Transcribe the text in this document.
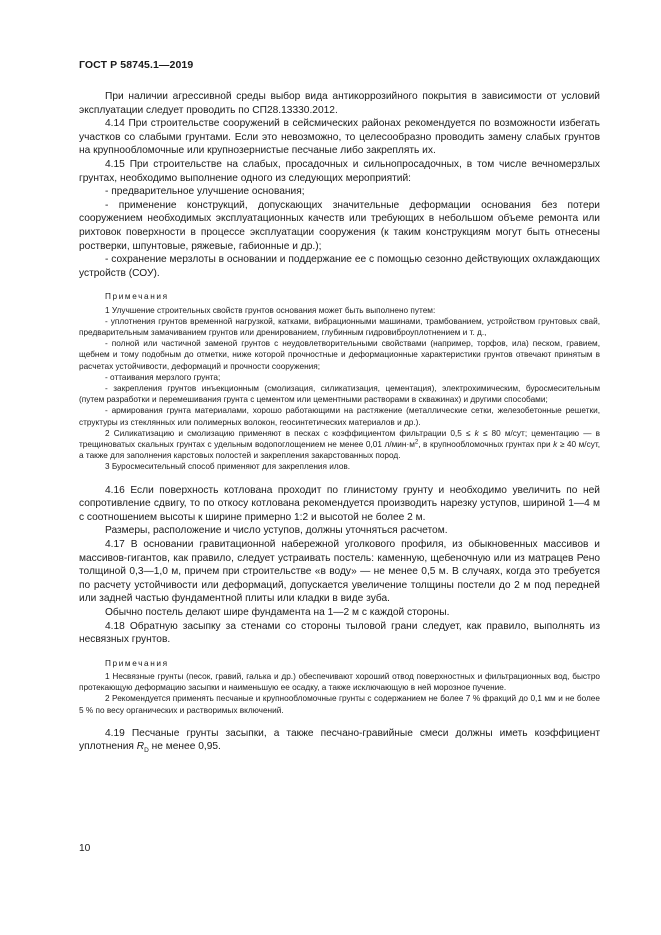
ГОСТ Р 58745.1—2019

При наличии агрессивной среды выбор вида антикоррозийного покрытия в зависимости от условий эксплуатации следует проводить по СП28.13330.2012.

4.14 При строительстве сооружений в сейсмических районах рекомендуется по возможности избегать участков со слабыми грунтами. Если это невозможно, то целесообразно проводить замену слабых грунтов на крупнообломочные или крупнозернистые песчаные либо закреплять их.

4.15 При строительстве на слабых, просадочных и сильнопросадочных, в том числе вечномерзлых грунтах, необходимо выполнение одного из следующих мероприятий:

- предварительное улучшение основания;

- применение конструкций, допускающих значительные деформации основания без потери сооружением необходимых эксплуатационных качеств или требующих в небольшом объеме ремонта или рихтовок поверхности в процессе эксплуатации сооружения (к таким конструкциям могут быть отнесены ростверки, шпунтовые, ряжевые, габионные и др.);

- сохранение мерзлоты в основании и поддержание ее с помощью сезонно действующих охлаждающих устройств (СОУ).

Примечания

1 Улучшение строительных свойств грунтов основания может быть выполнено путем:

- уплотнения грунтов временной нагрузкой, катками, вибрационными машинами, трамбованием, устройством грунтовых свай, предварительным замачиванием грунтов или дренированием, глубинным гидровиброуплотнением и т. д.,

- полной или частичной заменой грунтов с неудовлетворительными свойствами (например, торфов, ила) песком, гравием, щебнем и тому подобным до отметки, ниже которой прочностные и деформационные характеристики грунтов отвечают принятым в расчетах устойчивости, деформаций и прочности сооружения;

- оттаивания мерзлого грунта;

- закрепления грунтов инъекционным (смолизация, силикатизация, цементация), электрохимическим, буросмесительным (путем разработки и перемешивания грунта с цементом или цементными растворами в скважинах) и другими способами;

- армирования грунта материалами, хорошо работающими на растяжение (металлические сетки, железобетонные решетки, структуры из стеклянных или полимерных волокон, геосинтетических материалов и др.).

2 Силикатизацию и смолизацию применяют в песках с коэффициентом фильтрации 0,5 ≤ k ≤ 80 м/сут; цементацию — в трещиноватых скальных грунтах с удельным водопоглощением не менее 0,01 $л/мин\cdot м^2$, в крупнообломочных грунтах при k ≥ 40 м/сут, а также для заполнения карстовых полостей и закрепления закарстованных пород.

3 Буросмесительный способ применяют для закрепления илов.

4.16 Если поверхность котлована проходит по глинистому грунту и необходимо увеличить по ней сопротивление сдвигу, то по откосу котлована рекомендуется производить нарезку уступов, шириной 1—4 м с соотношением высоты к ширине примерно 1:2 и высотой не более 2 м.

Размеры, расположение и число уступов, должны уточняться расчетом.

4.17 В основании гравитационной набережной уголкового профиля, из обыкновенных массивов и массивов-гигантов, как правило, следует устраивать постель: каменную, щебеночную или из матрацев Рено толщиной 0,3—1,0 м, причем при строительстве «в воду» — не менее 0,5 м. В случаях, когда это требуется по расчету устойчивости или деформаций, допускается увеличение толщины постели до 2 м под передней или задней частью фундаментной плиты или кладки в виде зуба.

Обычно постель делают шире фундамента на 1—2 м с каждой стороны.

4.18 Обратную засыпку за стенами со стороны тыловой грани следует, как правило, выполнять из несвязных грунтов.

Примечания

1 Несвязные грунты (песок, гравий, галька и др.) обеспечивают хороший отвод поверхностных и фильтрационных вод, быстро протекающую деформацию засыпки и наименьшую ее осадку, а также исключающую в ней морозное пучение.

2 Рекомендуется применять песчаные и крупнообломочные грунты с содержанием не более 7 % фракций до 0,1 мм и не более 5 % по весу органических и растворимых включений.

4.19 Песчаные грунты засыпки, а также песчано-гравийные смеси должны иметь коэффициент уплотнения $R_D$ не менее 0,95.

10
